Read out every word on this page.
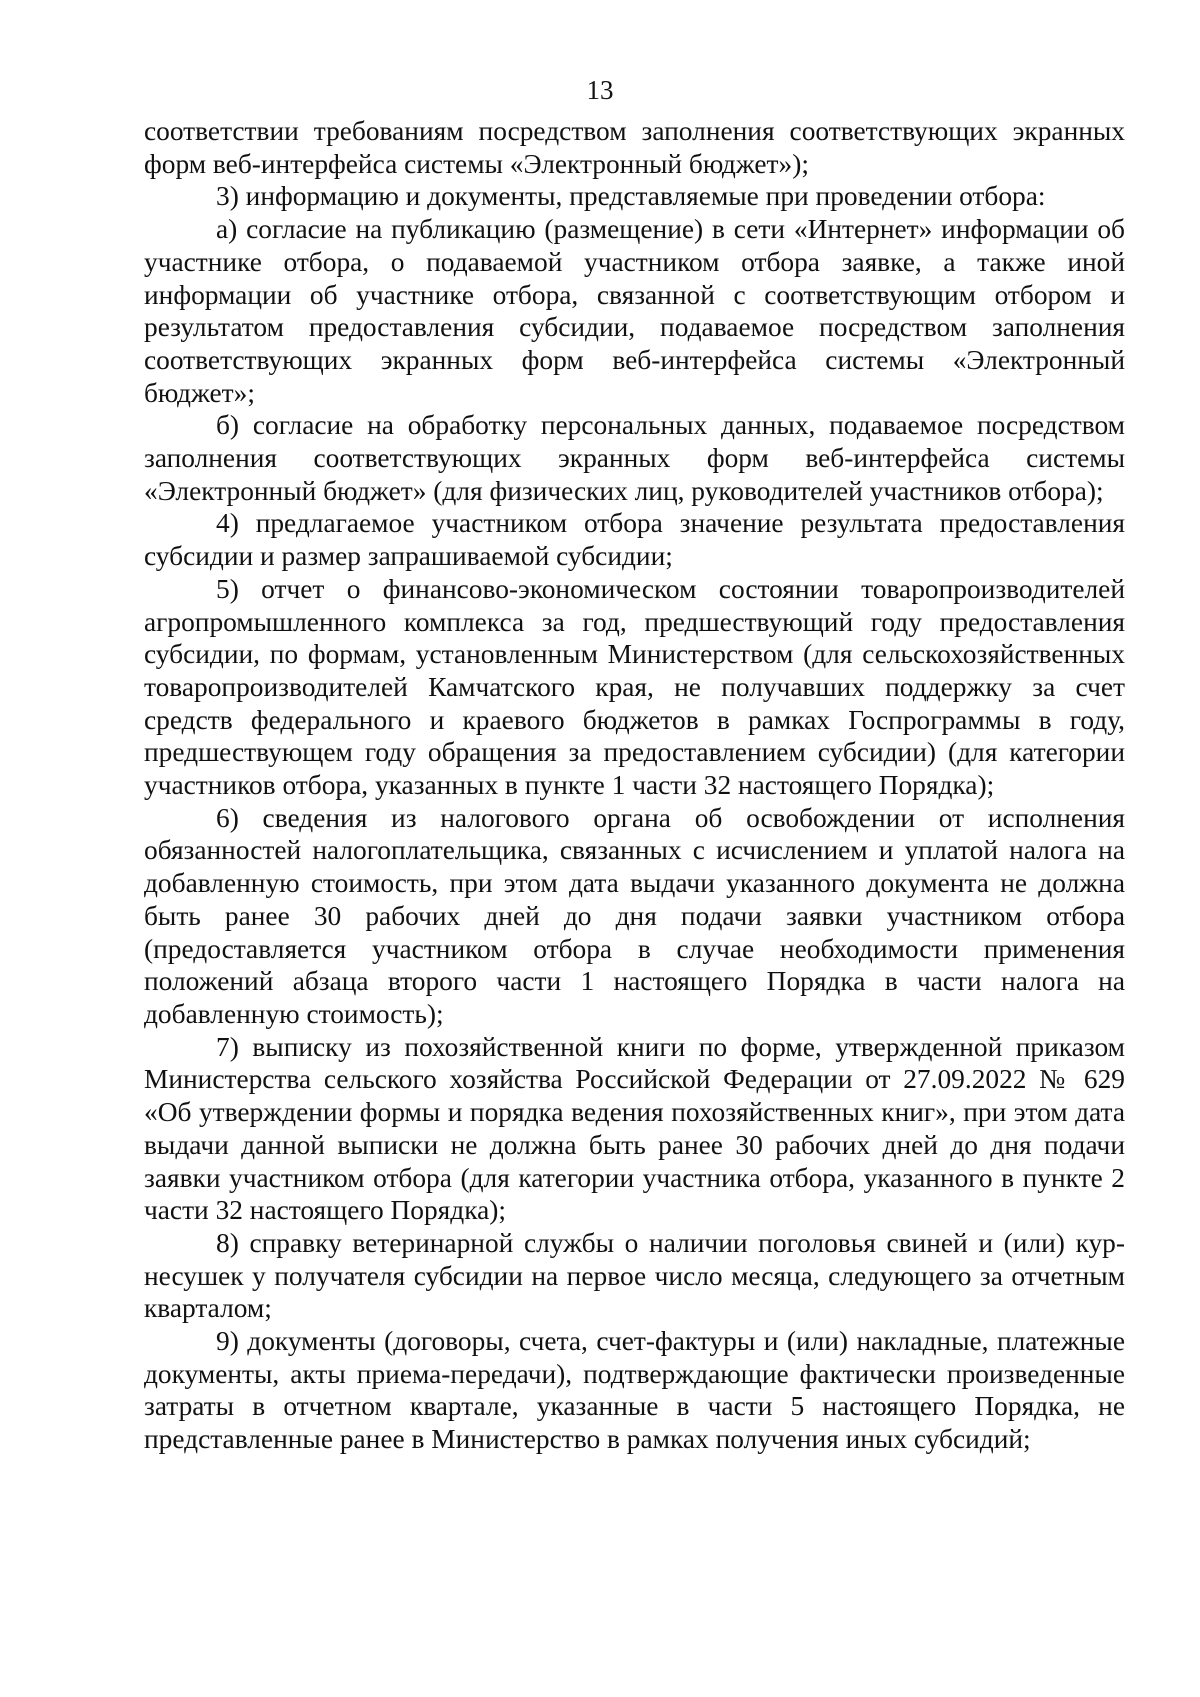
13

соответствии требованиям посредством заполнения соответствующих экранных форм веб-интерфейса системы «Электронный бюджет»);

3) информацию и документы, представляемые при проведении отбора:

а) согласие на публикацию (размещение) в сети «Интернет» информации об участнике отбора, о подаваемой участником отбора заявке, а также иной информации об участнике отбора, связанной с соответствующим отбором и результатом предоставления субсидии, подаваемое посредством заполнения соответствующих экранных форм веб-интерфейса системы «Электронный бюджет»;

б) согласие на обработку персональных данных, подаваемое посредством заполнения соответствующих экранных форм веб-интерфейса системы «Электронный бюджет» (для физических лиц, руководителей участников отбора);

4) предлагаемое участником отбора значение результата предоставления субсидии и размер запрашиваемой субсидии;

5) отчет о финансово-экономическом состоянии товаропроизводителей агропромышленного комплекса за год, предшествующий году предоставления субсидии, по формам, установленным Министерством (для сельскохозяйственных товаропроизводителей Камчатского края, не получавших поддержку за счет средств федерального и краевого бюджетов в рамках Госпрограммы в году, предшествующем году обращения за предоставлением субсидии) (для категории участников отбора, указанных в пункте 1 части 32 настоящего Порядка);

6) сведения из налогового органа об освобождении от исполнения обязанностей налогоплательщика, связанных с исчислением и уплатой налога на добавленную стоимость, при этом дата выдачи указанного документа не должна быть ранее 30 рабочих дней до дня подачи заявки участником отбора (предоставляется участником отбора в случае необходимости применения положений абзаца второго части 1 настоящего Порядка в части налога на добавленную стоимость);

7) выписку из похозяйственной книги по форме, утвержденной приказом Министерства сельского хозяйства Российской Федерации от 27.09.2022 № 629 «Об утверждении формы и порядка ведения похозяйственных книг», при этом дата выдачи данной выписки не должна быть ранее 30 рабочих дней до дня подачи заявки участником отбора (для категории участника отбора, указанного в пункте 2 части 32 настоящего Порядка);

8) справку ветеринарной службы о наличии поголовья свиней и (или) кур-несушек у получателя субсидии на первое число месяца, следующего за отчетным кварталом;

9) документы (договоры, счета, счет-фактуры и (или) накладные, платежные документы, акты приема-передачи), подтверждающие фактически произведенные затраты в отчетном квартале, указанные в части 5 настоящего Порядка, не представленные ранее в Министерство в рамках получения иных субсидий;
